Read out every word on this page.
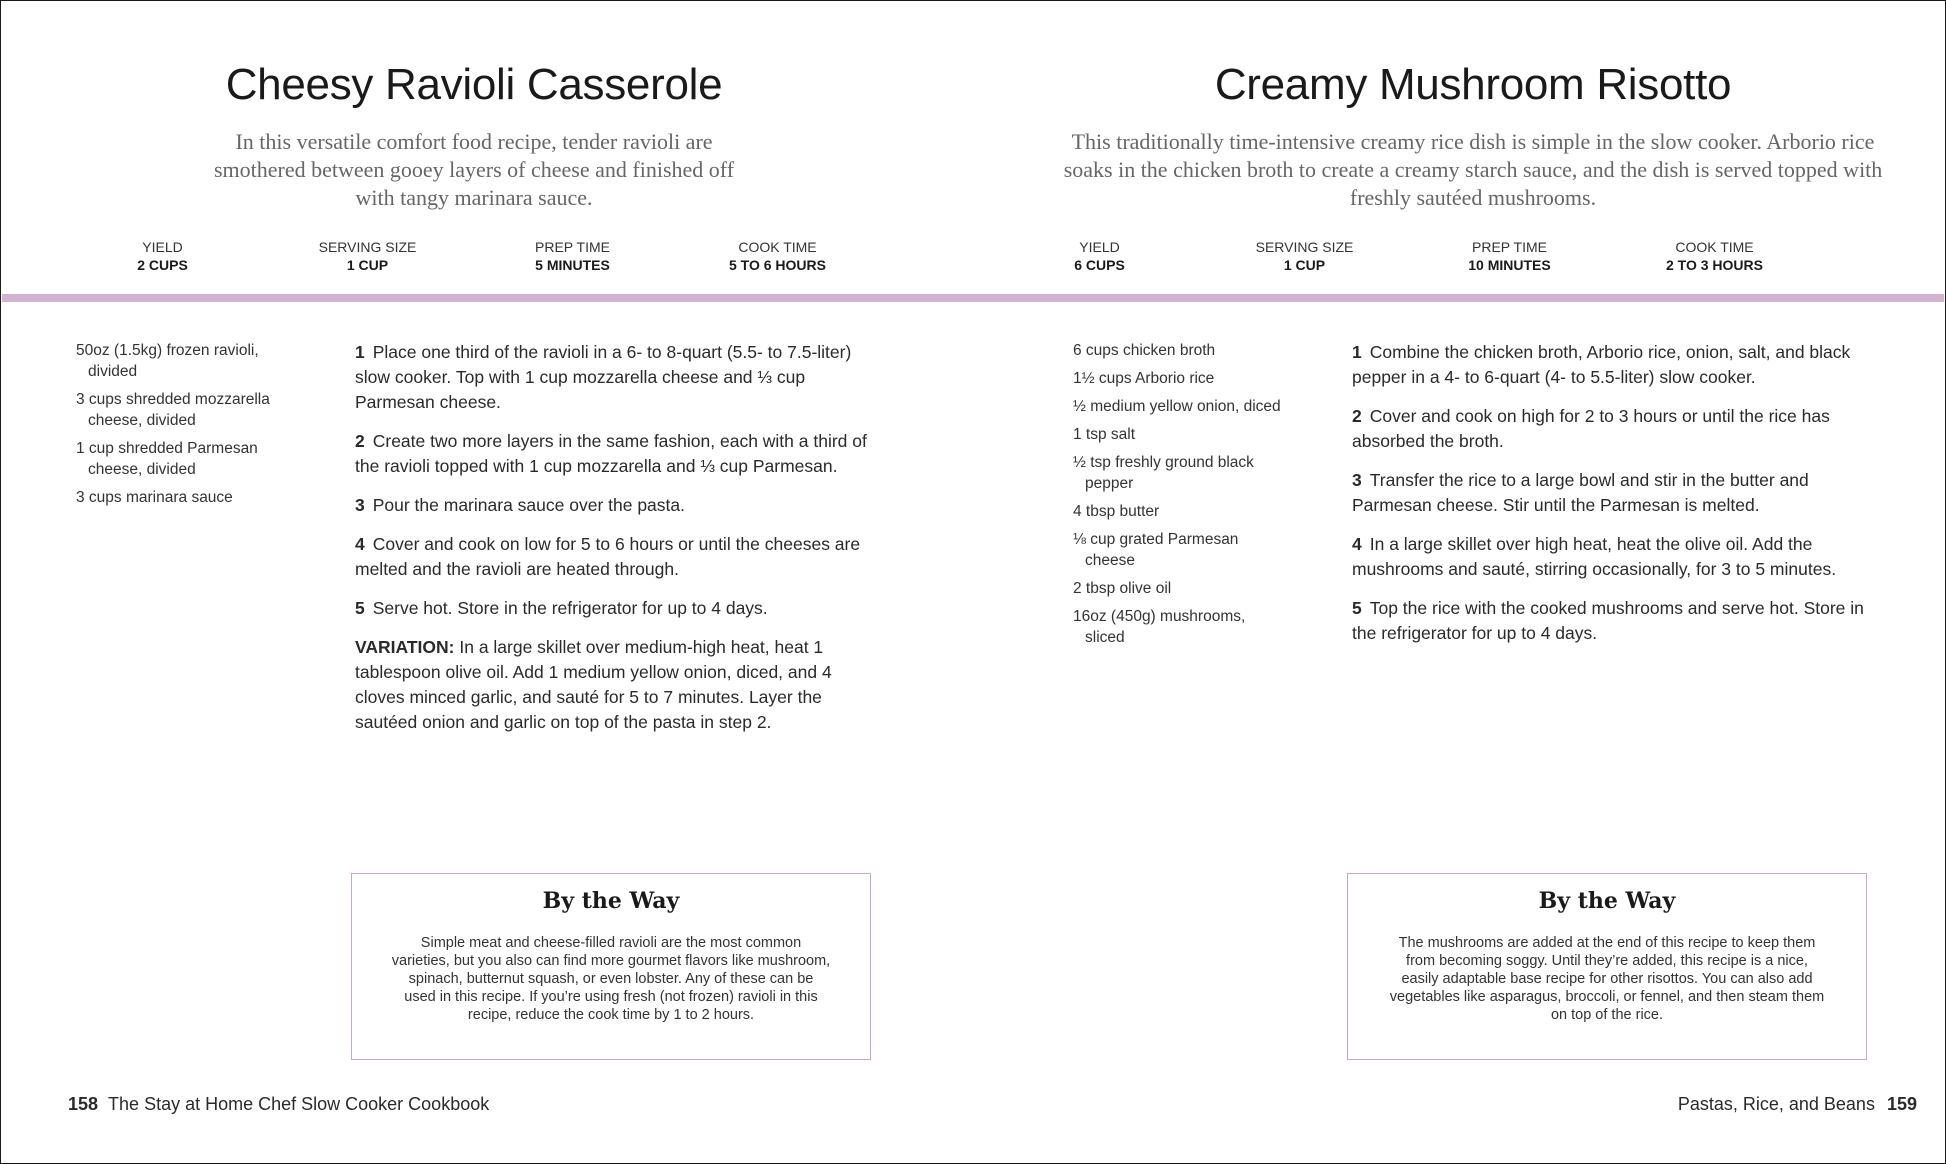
Cheesy Ravioli Casserole
In this versatile comfort food recipe, tender ravioli are smothered between gooey layers of cheese and finished off with tangy marinara sauce.
YIELD
2 CUPS
SERVING SIZE
1 CUP
PREP TIME
5 MINUTES
COOK TIME
5 TO 6 HOURS
50oz (1.5kg) frozen ravioli, divided
3 cups shredded mozzarella cheese, divided
1 cup shredded Parmesan cheese, divided
3 cups marinara sauce
1 Place one third of the ravioli in a 6- to 8-quart (5.5- to 7.5-liter) slow cooker. Top with 1 cup mozzarella cheese and ⅓ cup Parmesan cheese.
2 Create two more layers in the same fashion, each with a third of the ravioli topped with 1 cup mozzarella and ⅓ cup Parmesan.
3 Pour the marinara sauce over the pasta.
4 Cover and cook on low for 5 to 6 hours or until the cheeses are melted and the ravioli are heated through.
5 Serve hot. Store in the refrigerator for up to 4 days.
VARIATION: In a large skillet over medium-high heat, heat 1 tablespoon olive oil. Add 1 medium yellow onion, diced, and 4 cloves minced garlic, and sauté for 5 to 7 minutes. Layer the sautéed onion and garlic on top of the pasta in step 2.
By the Way
Simple meat and cheese-filled ravioli are the most common varieties, but you also can find more gourmet flavors like mushroom, spinach, butternut squash, or even lobster. Any of these can be used in this recipe. If you’re using fresh (not frozen) ravioli in this recipe, reduce the cook time by 1 to 2 hours.
158 The Stay at Home Chef Slow Cooker Cookbook
Creamy Mushroom Risotto
This traditionally time-intensive creamy rice dish is simple in the slow cooker. Arborio rice soaks in the chicken broth to create a creamy starch sauce, and the dish is served topped with freshly sautéed mushrooms.
YIELD
6 CUPS
SERVING SIZE
1 CUP
PREP TIME
10 MINUTES
COOK TIME
2 TO 3 HOURS
6 cups chicken broth
1½ cups Arborio rice
½ medium yellow onion, diced
1 tsp salt
½ tsp freshly ground black pepper
4 tbsp butter
⅛ cup grated Parmesan cheese
2 tbsp olive oil
16oz (450g) mushrooms, sliced
1 Combine the chicken broth, Arborio rice, onion, salt, and black pepper in a 4- to 6-quart (4- to 5.5-liter) slow cooker.
2 Cover and cook on high for 2 to 3 hours or until the rice has absorbed the broth.
3 Transfer the rice to a large bowl and stir in the butter and Parmesan cheese. Stir until the Parmesan is melted.
4 In a large skillet over high heat, heat the olive oil. Add the mushrooms and sauté, stirring occasionally, for 3 to 5 minutes.
5 Top the rice with the cooked mushrooms and serve hot. Store in the refrigerator for up to 4 days.
By the Way
The mushrooms are added at the end of this recipe to keep them from becoming soggy. Until they’re added, this recipe is a nice, easily adaptable base recipe for other risottos. You can also add vegetables like asparagus, broccoli, or fennel, and then steam them on top of the rice.
Pastas, Rice, and Beans 159
